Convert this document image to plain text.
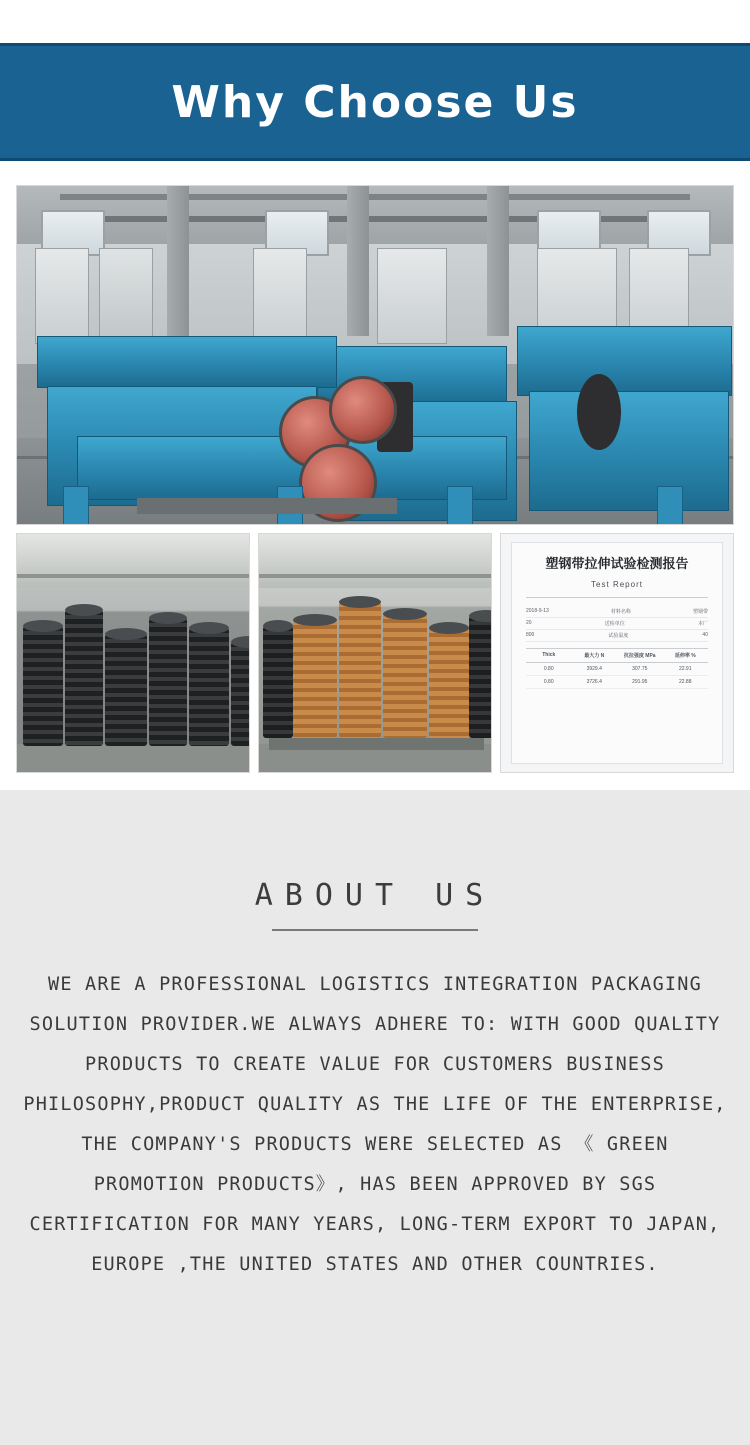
Why Choose Us
塑钢带拉伸试验检测报告
Test Report
2018-9-13	材料名称	塑钢带
20	送检单位	本厂
800	试验温度	40
Thick	最大力 N	抗拉强度 MPa	延伸率 %
0.80	3929.4	307.75	22.91
0.80	3726.4	291.95	22.88
ABOUT US
WE ARE A PROFESSIONAL LOGISTICS INTEGRATION PACKAGING SOLUTION PROVIDER.WE ALWAYS ADHERE TO: WITH GOOD QUALITY PRODUCTS TO CREATE VALUE FOR CUSTOMERS BUSINESS PHILOSOPHY,PRODUCT QUALITY AS THE LIFE OF THE ENTERPRISE, THE COMPANY'S PRODUCTS WERE SELECTED AS 《 GREEN PROMOTION PRODUCTS》, HAS BEEN APPROVED BY SGS CERTIFICATION FOR MANY YEARS, LONG-TERM EXPORT TO JAPAN, EUROPE ,THE UNITED STATES AND OTHER COUNTRIES.
